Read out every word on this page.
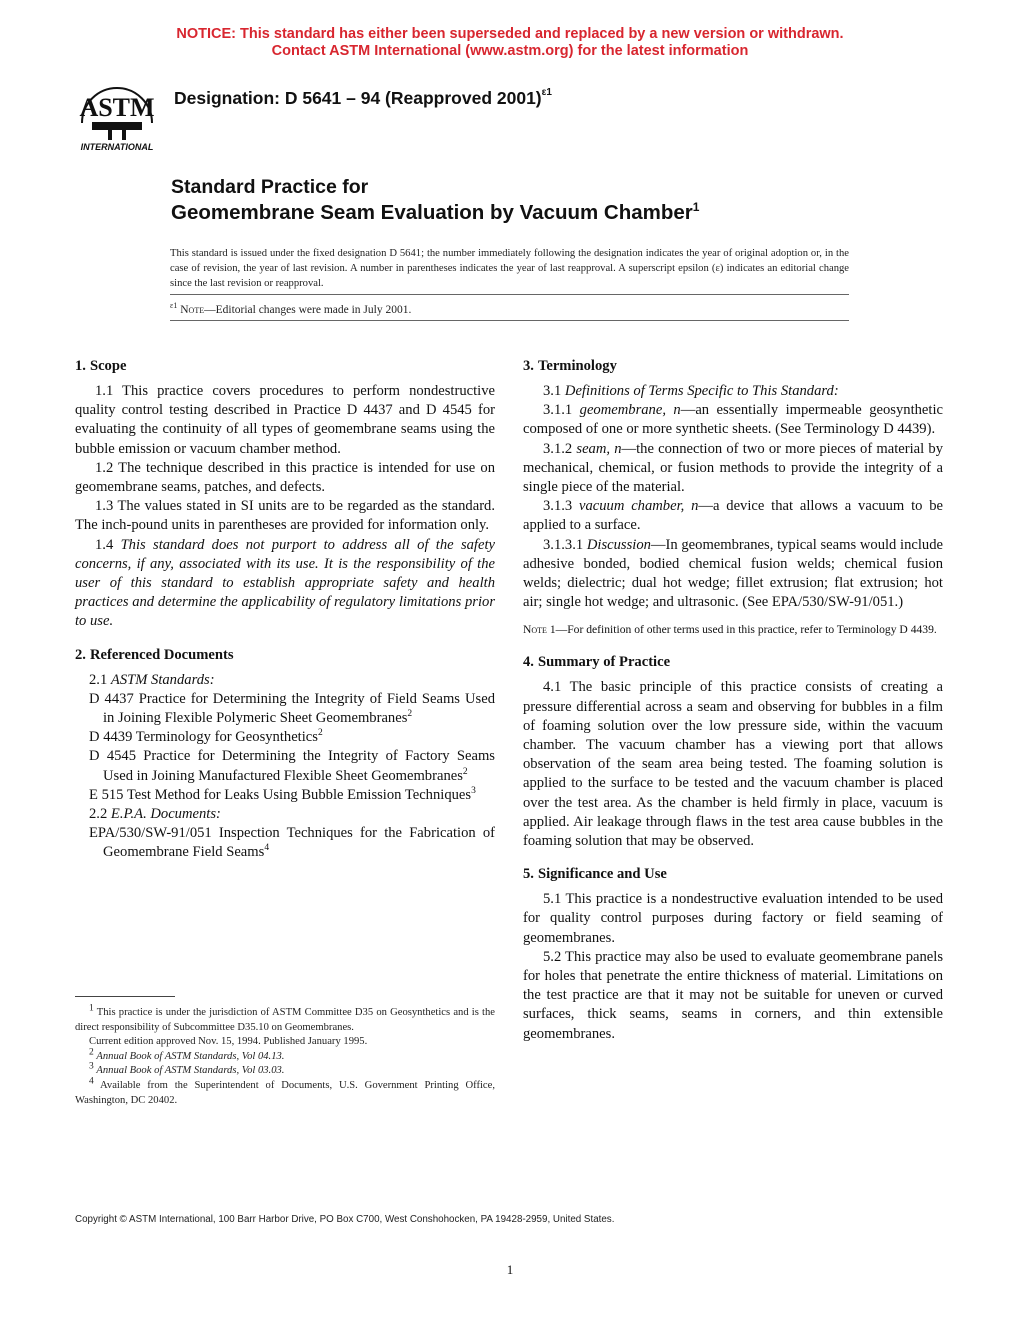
NOTICE: This standard has either been superseded and replaced by a new version or withdrawn.
Contact ASTM International (www.astm.org) for the latest information
ASTM
INTERNATIONAL
Designation: D 5641 – 94 (Reapproved 2001)$^{\varepsilon 1}$
Standard Practice for
Geomembrane Seam Evaluation by Vacuum Chamber$^1$
This standard is issued under the fixed designation D 5641; the number immediately following the designation indicates the year of original adoption or, in the case of revision, the year of last revision. A number in parentheses indicates the year of last reapproval. A superscript epsilon (ε) indicates an editorial change since the last revision or reapproval.
$^{\varepsilon 1}$ Note—Editorial changes were made in July 2001.
1. Scope

1.1 This practice covers procedures to perform nondestructive quality control testing described in Practice D 4437 and D 4545 for evaluating the continuity of all types of geomembrane seams using the bubble emission or vacuum chamber method.

1.2 The technique described in this practice is intended for use on geomembrane seams, patches, and defects.

1.3 The values stated in SI units are to be regarded as the standard. The inch-pound units in parentheses are provided for information only.

1.4 This standard does not purport to address all of the safety concerns, if any, associated with its use. It is the responsibility of the user of this standard to establish appropriate safety and health practices and determine the applicability of regulatory limitations prior to use.

2. Referenced Documents

2.1 ASTM Standards:

D 4437 Practice for Determining the Integrity of Field Seams Used in Joining Flexible Polymeric Sheet Geomembranes$^2$

D 4439 Terminology for Geosynthetics$^2$

D 4545 Practice for Determining the Integrity of Factory Seams Used in Joining Manufactured Flexible Sheet Geomembranes$^2$

E 515 Test Method for Leaks Using Bubble Emission Techniques$^3$

2.2 E.P.A. Documents:

EPA/530/SW-91/051 Inspection Techniques for the Fabrication of Geomembrane Field Seams$^4$

$^1$ This practice is under the jurisdiction of ASTM Committee D35 on Geosynthetics and is the direct responsibility of Subcommittee D35.10 on Geomembranes.

Current edition approved Nov. 15, 1994. Published January 1995.

$^2$ Annual Book of ASTM Standards, Vol 04.13.

$^3$ Annual Book of ASTM Standards, Vol 03.03.

$^4$ Available from the Superintendent of Documents, U.S. Government Printing Office, Washington, DC 20402.

3. Terminology

3.1 Definitions of Terms Specific to This Standard:

3.1.1 geomembrane, n—an essentially impermeable geosynthetic composed of one or more synthetic sheets. (See Terminology D 4439).

3.1.2 seam, n—the connection of two or more pieces of material by mechanical, chemical, or fusion methods to provide the integrity of a single piece of the material.

3.1.3 vacuum chamber, n—a device that allows a vacuum to be applied to a surface.

3.1.3.1 Discussion—In geomembranes, typical seams would include adhesive bonded, bodied chemical fusion welds; chemical fusion welds; dielectric; dual hot wedge; fillet extrusion; flat extrusion; hot air; single hot wedge; and ultrasonic. (See EPA/530/SW-91/051.)

Note 1—For definition of other terms used in this practice, refer to Terminology D 4439.

4. Summary of Practice

4.1 The basic principle of this practice consists of creating a pressure differential across a seam and observing for bubbles in a film of foaming solution over the low pressure side, within the vacuum chamber. The vacuum chamber has a viewing port that allows observation of the seam area being tested. The foaming solution is applied to the surface to be tested and the vacuum chamber is placed over the test area. As the chamber is held firmly in place, vacuum is applied. Air leakage through flaws in the test area cause bubbles in the foaming solution that may be observed.

5. Significance and Use

5.1 This practice is a nondestructive evaluation intended to be used for quality control purposes during factory or field seaming of geomembranes.

5.2 This practice may also be used to evaluate geomembrane panels for holes that penetrate the entire thickness of material. Limitations on the test practice are that it may not be suitable for uneven or curved surfaces, thick seams, seams in corners, and thin extensible geomembranes.

Copyright © ASTM International, 100 Barr Harbor Drive, PO Box C700, West Conshohocken, PA 19428-2959, United States.
1
